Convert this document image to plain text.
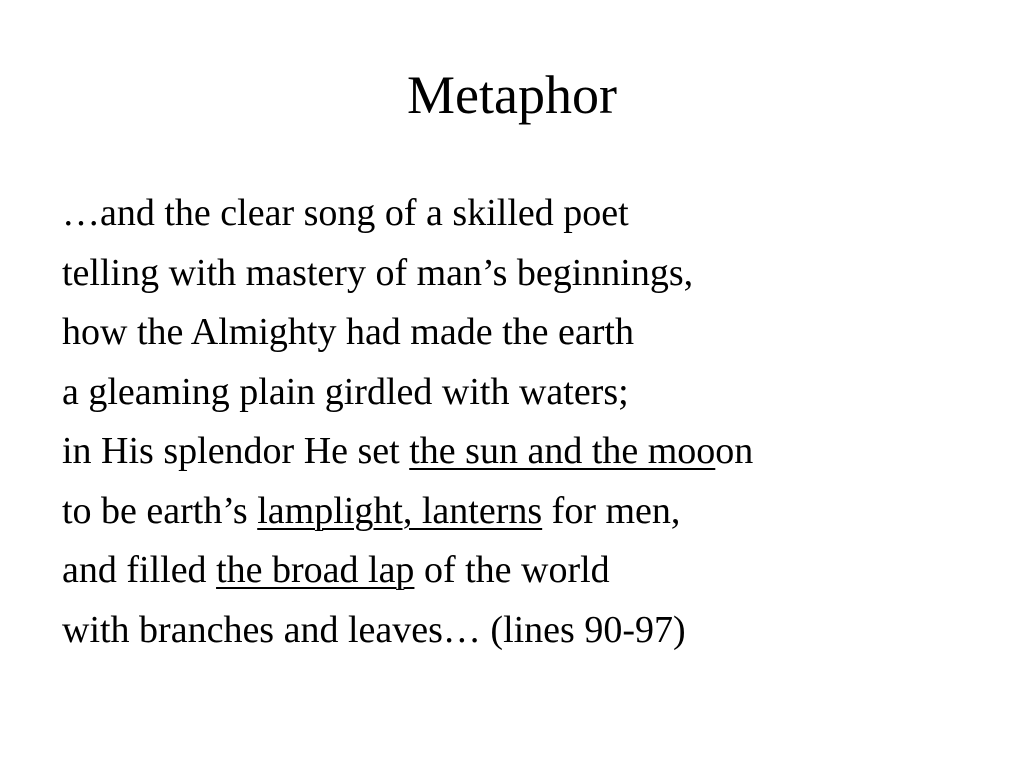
Metaphor
…and the clear song of a skilled poet
telling with mastery of man’s beginnings,
how the Almighty had made the earth
a gleaming plain girdled with waters;
in His splendor He set the sun and the mooon
to be earth’s lamplight, lanterns for men,
and filled the broad lap of the world
with branches and leaves… (lines 90-97)
